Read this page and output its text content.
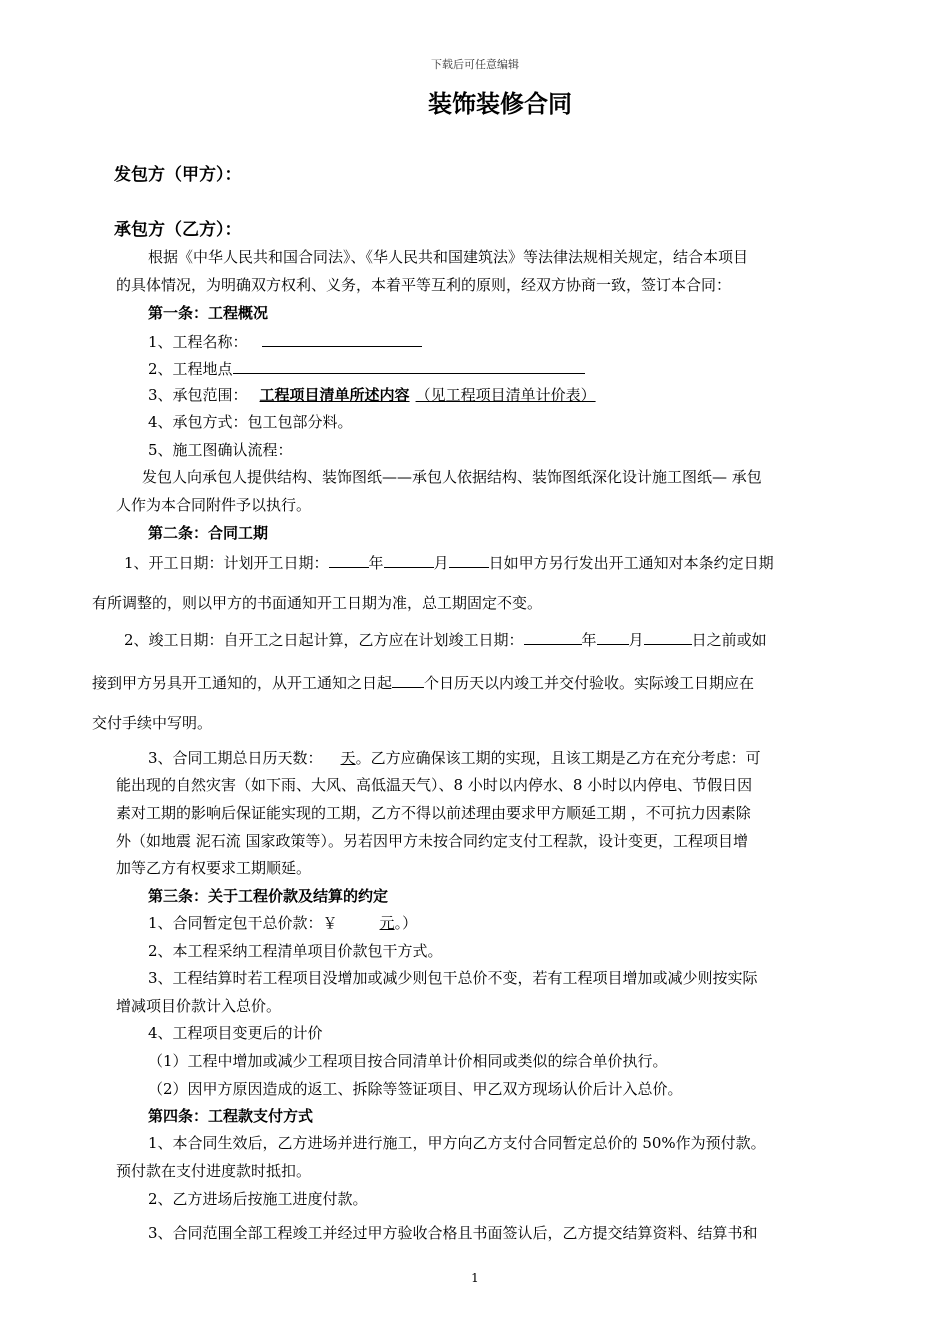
下载后可任意编辑
装饰装修合同
发包方（甲方）：
承包方（乙方）：
根据《中华人民共和国合同法》、《华人民共和国建筑法》等法律法规相关规定，结合本项目
的具体情况，为明确双方权利、义务，本着平等互利的原则，经双方协商一致，签订本合同：
第一条：工程概况
1、工程名称：
2、工程地点
3、承包范围： 工程项目清单所述内容 （见工程项目清单计价表）
4、承包方式：包工包部分料。
5、施工图确认流程：
发包人向承包人提供结构、装饰图纸——承包人依据结构、装饰图纸深化设计施工图纸— 承包
人作为本合同附件予以执行。
第二条：合同工期
1、开工日期：计划开工日期：	年	月	日如甲方另行发出开工通知对本条约定日期
有所调整的，则以甲方的书面通知开工日期为准，总工期固定不变。
2、竣工日期：自开工之日起计算，乙方应在计划竣工日期：	年 月	日之前或如
接到甲方另具开工通知的，从开工通知之日起 个日历天以内竣工并交付验收。实际竣工日期应在
交付手续中写明。
3、合同工期总日历天数： 天。乙方应确保该工期的实现，且该工期是乙方在充分考虑：可
能出现的自然灾害（如下雨、大风、高低温天气）、8 小时以内停水、8 小时以内停电、节假日因
素对工期的影响后保证能实现的工期，乙方不得以前述理由要求甲方顺延工期 ，不可抗力因素除
外（如地震 泥石流 国家政策等）。另若因甲方未按合同约定支付工程款，设计变更，工程项目增
加等乙方有权要求工期顺延。
第三条：关于工程价款及结算的约定
1、合同暂定包干总价款：￥	元。）
2、本工程采纳工程清单项目价款包干方式。
3、工程结算时若工程项目没增加或减少则包干总价不变，若有工程项目增加或减少则按实际
增减项目价款计入总价。
4、工程项目变更后的计价
（1）工程中增加或减少工程项目按合同清单计价相同或类似的综合单价执行。
（2）因甲方原因造成的返工、拆除等签证项目、甲乙双方现场认价后计入总价。
第四条：工程款支付方式
1、本合同生效后，乙方进场并进行施工，甲方向乙方支付合同暂定总价的 50%作为预付款。
预付款在支付进度款时抵扣。
2、乙方进场后按施工进度付款。
3、合同范围全部工程竣工并经过甲方验收合格且书面签认后，乙方提交结算资料、结算书和
1
